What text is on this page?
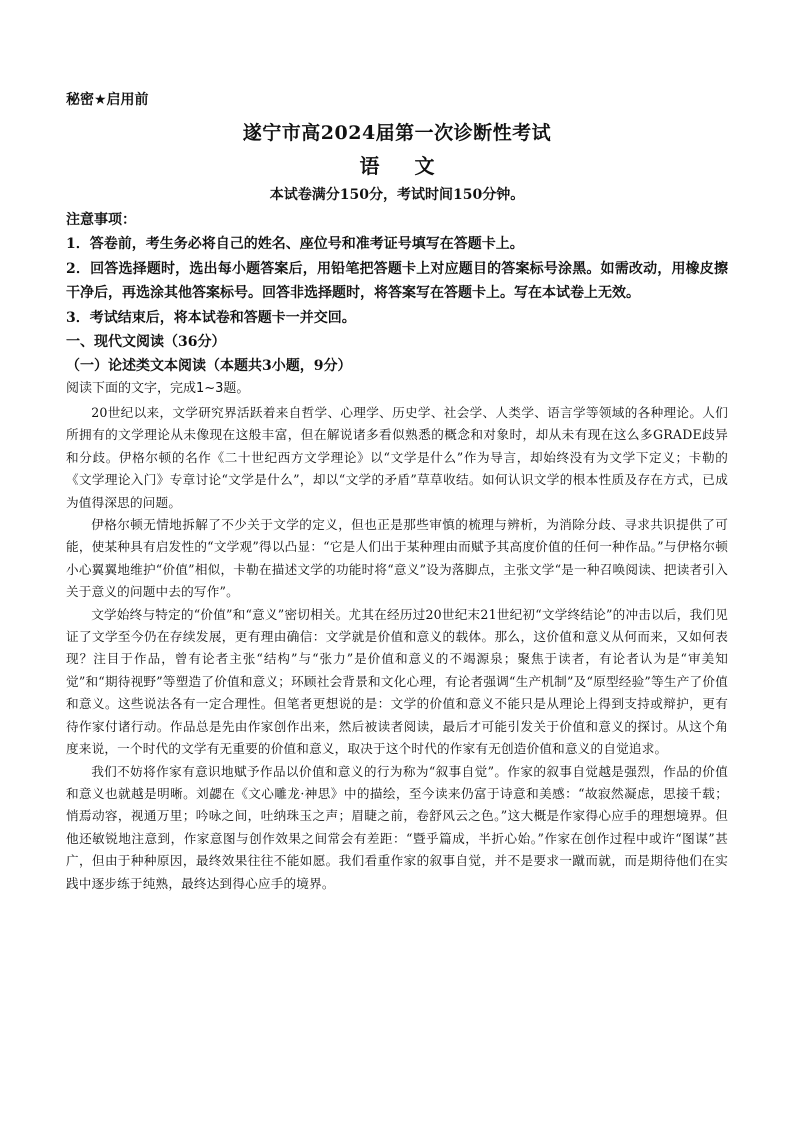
秘密★启用前

遂宁市高2024届第一次诊断性考试

语 文

本试卷满分150分，考试时间150分钟。

注意事项：

1．答卷前，考生务必将自己的姓名、座位号和准考证号填写在答题卡上。

2．回答选择题时，选出每小题答案后，用铅笔把答题卡上对应题目的答案标号涂黑。如需改动，用橡皮擦干净后，再选涂其他答案标号。回答非选择题时，将答案写在答题卡上。写在本试卷上无效。

3．考试结束后，将本试卷和答题卡一并交回。

一、现代文阅读（36分）

（一）论述类文本阅读（本题共3小题，9分）

阅读下面的文字，完成1~3题。

20世纪以来，文学研究界活跃着来自哲学、心理学、历史学、社会学、人类学、语言学等领域的各种理论。人们所拥有的文学理论从未像现在这般丰富，但在解说诸多看似熟悉的概念和对象时，却从未有现在这么多GRADE歧异和分歧。伊格尔顿的名作《二十世纪西方文学理论》以“文学是什么”作为导言，却始终没有为文学下定义；卡勒的《文学理论入门》专章讨论“文学是什么”，却以“文学的矛盾”草草收结。如何认识文学的根本性质及存在方式，已成为值得深思的问题。

伊格尔顿无情地拆解了不少关于文学的定义，但也正是那些审慎的梳理与辨析，为消除分歧、寻求共识提供了可能，使某种具有启发性的“文学观”得以凸显：“它是人们出于某种理由而赋予其高度价值的任何一种作品。”与伊格尔顿小心翼翼地维护“价值”相似，卡勒在描述文学的功能时将“意义”设为落脚点，主张文学“是一种召唤阅读、把读者引入关于意义的问题中去的写作”。

文学始终与特定的“价值”和“意义”密切相关。尤其在经历过20世纪末21世纪初“文学终结论”的冲击以后，我们见证了文学至今仍在存续发展，更有理由确信：文学就是价值和意义的载体。那么，这价值和意义从何而来，又如何表现？注目于作品，曾有论者主张“结构”与“张力”是价值和意义的不竭源泉；聚焦于读者，有论者认为是“审美知觉”和“期待视野”等塑造了价值和意义；环顾社会背景和文化心理，有论者强调“生产机制”及“原型经验”等生产了价值和意义。这些说法各有一定合理性。但笔者更想说的是：文学的价值和意义不能只是从理论上得到支持或辩护，更有待作家付诸行动。作品总是先由作家创作出来，然后被读者阅读，最后才可能引发关于价值和意义的探讨。从这个角度来说，一个时代的文学有无重要的价值和意义，取决于这个时代的作家有无创造价值和意义的自觉追求。

我们不妨将作家有意识地赋予作品以价值和意义的行为称为“叙事自觉”。作家的叙事自觉越是强烈，作品的价值和意义也就越是明晰。刘勰在《文心雕龙·神思》中的描绘，至今读来仍富于诗意和美感：“故寂然凝虑，思接千载；悄焉动容，视通万里；吟咏之间，吐纳珠玉之声；眉睫之前，卷舒风云之色。”这大概是作家得心应手的理想境界。但他还敏锐地注意到，作家意图与创作效果之间常会有差距：“暨乎篇成，半折心始。”作家在创作过程中或许“图谋”甚广，但由于种种原因，最终效果往往不能如愿。我们看重作家的叙事自觉，并不是要求一蹴而就，而是期待他们在实践中逐步练于纯熟，最终达到得心应手的境界。
